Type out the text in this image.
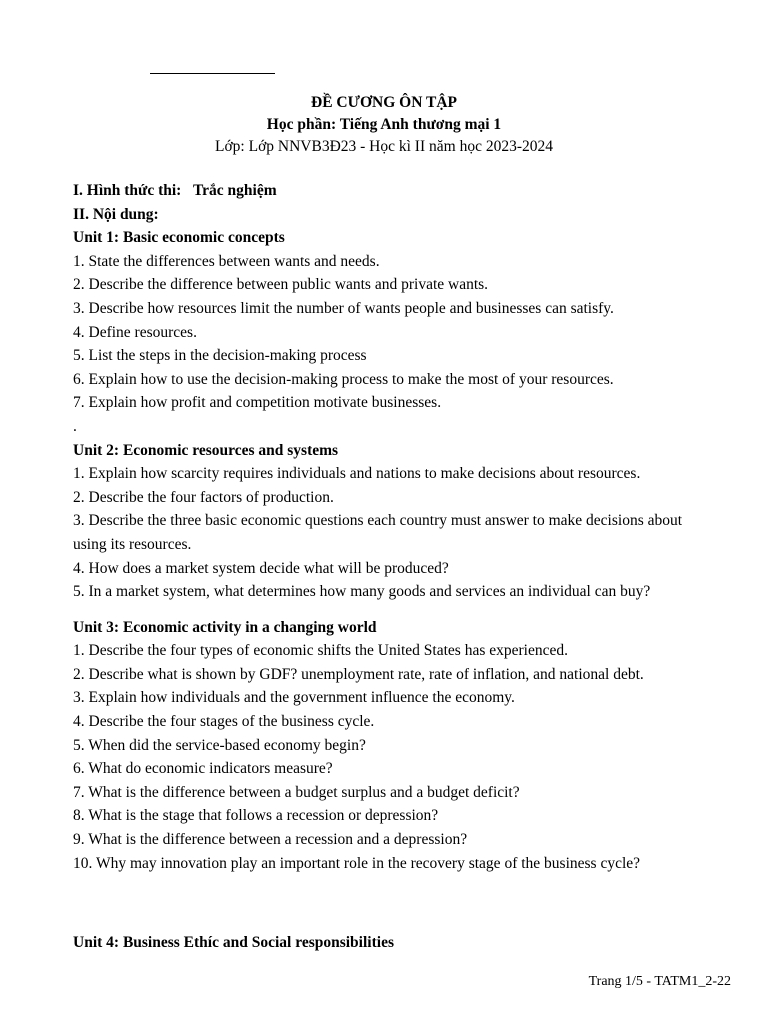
ĐỀ CƯƠNG ÔN TẬP
Học phần: Tiếng Anh thương mại 1
Lớp: Lớp NNVB3Đ23 - Học kì II năm học 2023-2024
I. Hình thức thi: Trắc nghiệm
II. Nội dung:
Unit 1: Basic economic concepts
1. State the differences between wants and needs.
2. Describe the difference between public wants and private wants.
3. Describe how resources limit the number of wants people and businesses can satisfy.
4. Define resources.
5. List the steps in the decision-making process
6. Explain how to use the decision-making process to make the most of your resources.
7. Explain how profit and competition motivate businesses.
.
Unit 2: Economic resources and systems
1. Explain how scarcity requires individuals and nations to make decisions about resources.
2. Describe the four factors of production.
3. Describe the three basic economic questions each country must answer to make decisions about using its resources.
4. How does a market system decide what will be produced?
5. In a market system, what determines how many goods and services an individual can buy?
Unit 3: Economic activity in a changing world
1. Describe the four types of economic shifts the United States has experienced.
2. Describe what is shown by GDF? unemployment rate, rate of inflation, and national debt.
3. Explain how individuals and the government influence the economy.
4. Describe the four stages of the business cycle.
5. When did the service-based economy begin?
6. What do economic indicators measure?
7. What is the difference between a budget surplus and a budget deficit?
8. What is the stage that follows a recession or depression?
9. What is the difference between a recession and a depression?
10. Why may innovation play an important role in the recovery stage of the business cycle?
Unit 4: Business Ethíc and Social responsibilities
Trang 1/5 - TATM1_2-22
